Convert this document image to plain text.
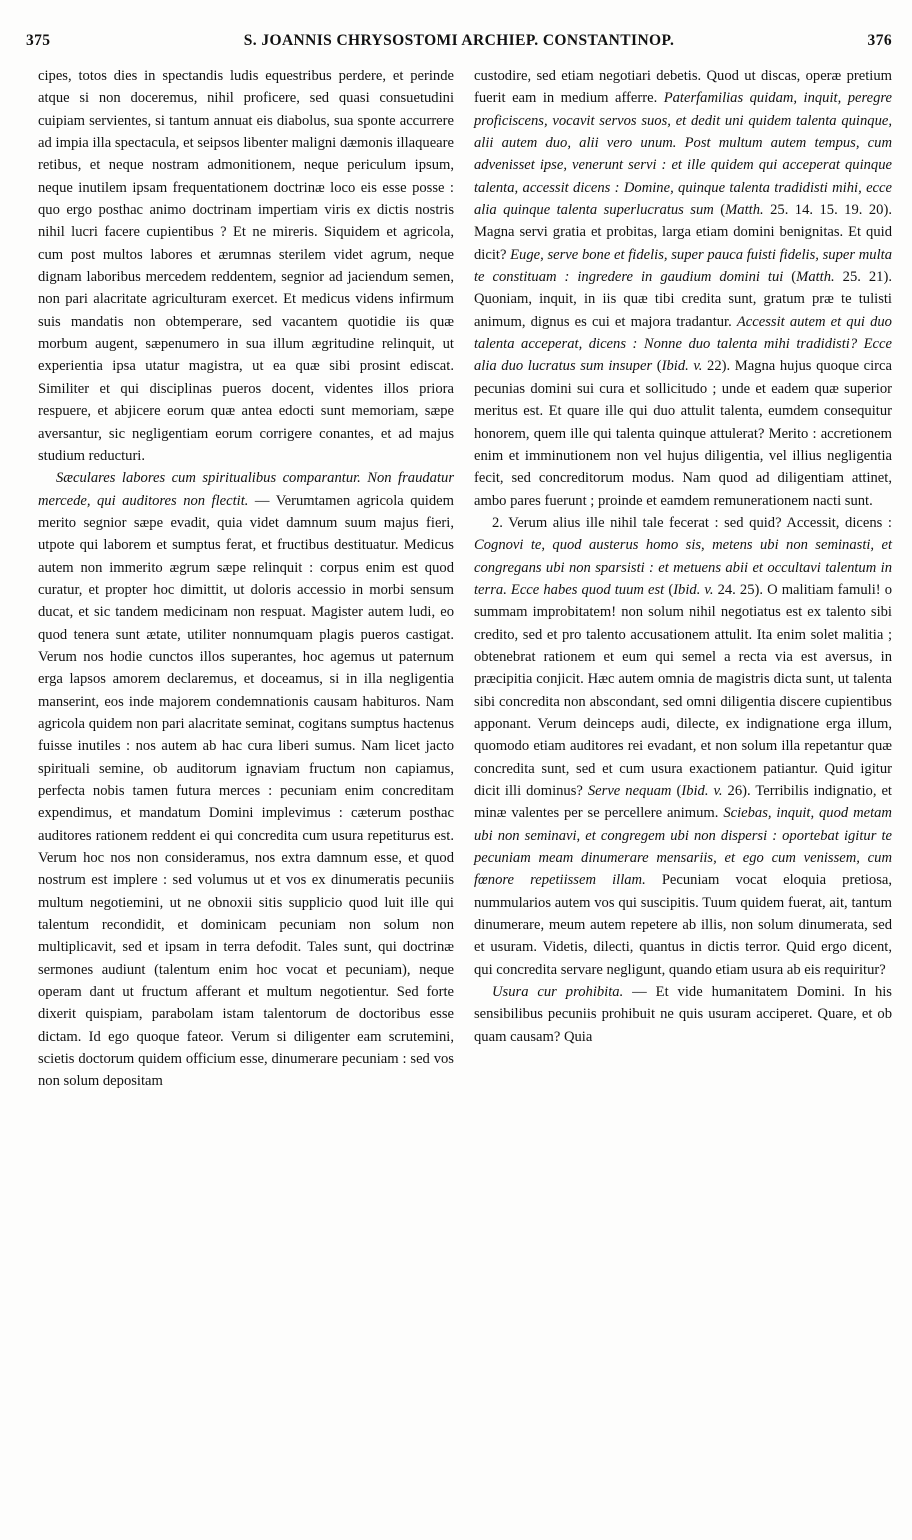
375	S. JOANNIS CHRYSOSTOMI ARCHIEP. CONSTANTINOP.	376

cipes, totos dies in spectandis ludis equestribus perdere, et perinde atque si non doceremus, nihil proficere, sed quasi consuetudini cuipiam servientes, si tantum annuat eis diabolus, sua sponte accurrere ad impia illa spectacula, et seipsos libenter maligni dæmonis illaqueare retibus, et neque nostram admonitionem, neque periculum ipsum, neque inutilem ipsam frequentationem doctrinæ loco eis esse posse : quo ergo posthac animo doctrinam impertiam viris ex dictis nostris nihil lucri facere cupientibus ? Et ne mireris. Siquidem et agricola, cum post multos labores et ærumnas sterilem videt agrum, neque dignam laboribus mercedem reddentem, segnior ad jaciendum semen, non pari alacritate agriculturam exercet. Et medicus videns infirmum suis mandatis non obtemperare, sed vacantem quotidie iis quæ morbum augent, sæpenumero in sua illum ægritudine relinquit, ut experientia ipsa utatur magistra, ut ea quæ sibi prosint ediscat. Similiter et qui disciplinas pueros docent, videntes illos priora respuere, et abjicere eorum quæ antea edocti sunt memoriam, sæpe aversantur, sic negligentiam eorum corrigere conantes, et ad majus studium reducturi.

Sæculares labores cum spiritualibus comparantur. Non fraudatur mercede, qui auditores non flectit. — Verumtamen agricola quidem merito segnior sæpe evadit, quia videt damnum suum majus fieri, utpote qui laborem et sumptus ferat, et fructibus destituatur. Medicus autem non immerito ægrum sæpe relinquit : corpus enim est quod curatur, et propter hoc dimittit, ut doloris accessio in morbi sensum ducat, et sic tandem medicinam non respuat. Magister autem ludi, eo quod tenera sunt ætate, utiliter nonnumquam plagis pueros castigat. Verum nos hodie cunctos illos superantes, hoc agemus ut paternum erga lapsos amorem declaremus, et doceamus, si in illa negligentia manserint, eos inde majorem condemnationis causam habituros. Nam agricola quidem non pari alacritate seminat, cogitans sumptus hactenus fuisse inutiles : nos autem ab hac cura liberi sumus. Nam licet jacto spirituali semine, ob auditorum ignaviam fructum non capiamus, perfecta nobis tamen futura merces : pecuniam enim concreditam expendimus, et mandatum Domini implevimus : cæterum posthac auditores rationem reddent ei qui concredita cum usura repetiturus est. Verum hoc nos non consideramus, nos extra damnum esse, et quod nostrum est implere : sed volumus ut et vos ex dinumeratis pecuniis multum negotiemini, ut ne obnoxii sitis supplicio quod luit ille qui talentum recondidit, et dominicam pecuniam non solum non multiplicavit, sed et ipsam in terra defodit. Tales sunt, qui doctrinæ sermones audiunt (talentum enim hoc vocat et pecuniam), neque operam dant ut fructum afferant et multum negotientur. Sed forte dixerit quispiam, parabolam istam talentorum de doctoribus esse dictam. Id ego quoque fateor. Verum si diligenter eam scrutemini, scietis doctorum quidem officium esse, dinumerare pecuniam : sed vos non solum depositam

custodire, sed etiam negotiari debetis. Quod ut discas, operæ pretium fuerit eam in medium afferre. Paterfamilias quidam, inquit, peregre proficiscens, vocavit servos suos, et dedit uni quidem talenta quinque, alii autem duo, alii vero unum. Post multum autem tempus, cum advenisset ipse, venerunt servi : et ille quidem qui acceperat quinque talenta, accessit dicens : Domine, quinque talenta tradidisti mihi, ecce alia quinque talenta superlucratus sum (Matth. 25. 14. 15. 19. 20). Magna servi gratia et probitas, larga etiam domini benignitas. Et quid dicit? Euge, serve bone et fidelis, super pauca fuisti fidelis, super multa te constituam : ingredere in gaudium domini tui (Matth. 25. 21). Quoniam, inquit, in iis quæ tibi credita sunt, gratum præ te tulisti animum, dignus es cui et majora tradantur. Accessit autem et qui duo talenta acceperat, dicens : Nonne duo talenta mihi tradidisti? Ecce alia duo lucratus sum insuper (Ibid. v. 22). Magna hujus quoque circa pecunias domini sui cura et sollicitudo ; unde et eadem quæ superior meritus est. Et quare ille qui duo attulit talenta, eumdem consequitur honorem, quem ille qui talenta quinque attulerat? Merito : accretionem enim et imminutionem non vel hujus diligentia, vel illius negligentia fecit, sed concreditorum modus. Nam quod ad diligentiam attinet, ambo pares fuerunt ; proinde et eamdem remunerationem nacti sunt.

2. Verum alius ille nihil tale fecerat : sed quid? Accessit, dicens : Cognovi te, quod austerus homo sis, metens ubi non seminasti, et congregans ubi non sparsisti : et metuens abii et occultavi talentum in terra. Ecce habes quod tuum est (Ibid. v. 24. 25). O malitiam famuli! o summam improbitatem! non solum nihil negotiatus est ex talento sibi credito, sed et pro talento accusationem attulit. Ita enim solet malitia ; obtenebrat rationem et eum qui semel a recta via est aversus, in præcipitia conjicit. Hæc autem omnia de magistris dicta sunt, ut talenta sibi concredita non abscondant, sed omni diligentia discere cupientibus apponant. Verum deinceps audi, dilecte, ex indignatione erga illum, quomodo etiam auditores rei evadant, et non solum illa repetantur quæ concredita sunt, sed et cum usura exactionem patiantur. Quid igitur dicit illi dominus? Serve nequam (Ibid. v. 26). Terribilis indignatio, et minæ valentes per se percellere animum. Sciebas, inquit, quod metam ubi non seminavi, et congregem ubi non dispersi : oportebat igitur te pecuniam meam dinumerare mensariis, et ego cum venissem, cum fœnore repetiissem illam. Pecuniam vocat eloquia pretiosa, nummularios autem vos qui suscipitis. Tuum quidem fuerat, ait, tantum dinumerare, meum autem repetere ab illis, non solum dinumerata, sed et usuram. Videtis, dilecti, quantus in dictis terror. Quid ergo dicent, qui concredita servare negligunt, quando etiam usura ab eis requiritur?

Usura cur prohibita. — Et vide humanitatem Domini. In his sensibilibus pecuniis prohibuit ne quis usuram acciperet. Quare, et ob quam causam? Quia
